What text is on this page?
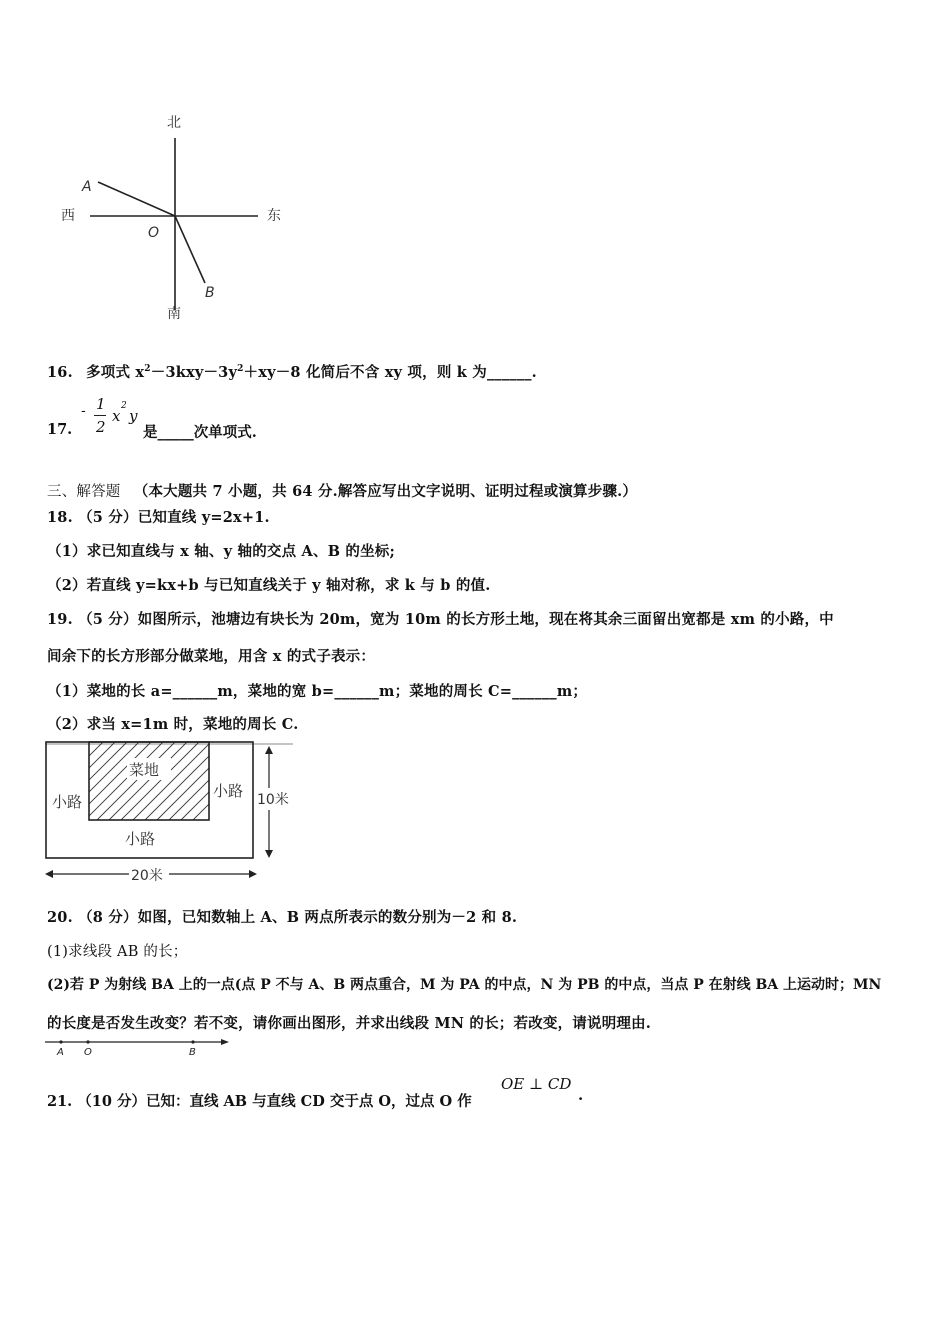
北
南
西	东
O
A
B
16. 多项式 $x^2-3kxy-3y^2+xy-8$ 化简后不含 xy 项，则 k 为______.
17.
- 1
2
x
2
y
是_____次单项式.
三、解答题 （本大题共 7 小题，共 64 分.解答应写出文字说明、证明过程或演算步骤.）
18. （5 分）已知直线 y=2x+1.
（1）求已知直线与 x 轴、y 轴的交点 A、B 的坐标;
（2）若直线 y=kx+b 与已知直线关于 y 轴对称，求 k 与 b 的值.
19. （5 分）如图所示，池塘边有块长为 20m，宽为 10m 的长方形土地，现在将其余三面留出宽都是 xm 的小路，中
间余下的长方形部分做菜地，用含 x 的式子表示：
（1）菜地的长 a=______m，菜地的宽 b=______m；菜地的周长 C=______m；
（2）求当 x=1m 时，菜地的周长 C.
菜地
小路
小路
小路
10米
20米
20. （8 分）如图，已知数轴上 A、B 两点所表示的数分别为－2 和 8.
(1)求线段 AB 的长；
(2)若 P 为射线 BA 上的一点(点 P 不与 A、B 两点重合，M 为 PA 的中点，N 为 PB 的中点，当点 P 在射线 BA 上运动时；MN
的长度是否发生改变？若不变，请你画出图形，并求出线段 MN 的长；若改变，请说明理由.
A O	B
21. （10 分）已知：直线 AB 与直线 CD 交于点 O，过点 O 作
OE ⊥ CD
.
